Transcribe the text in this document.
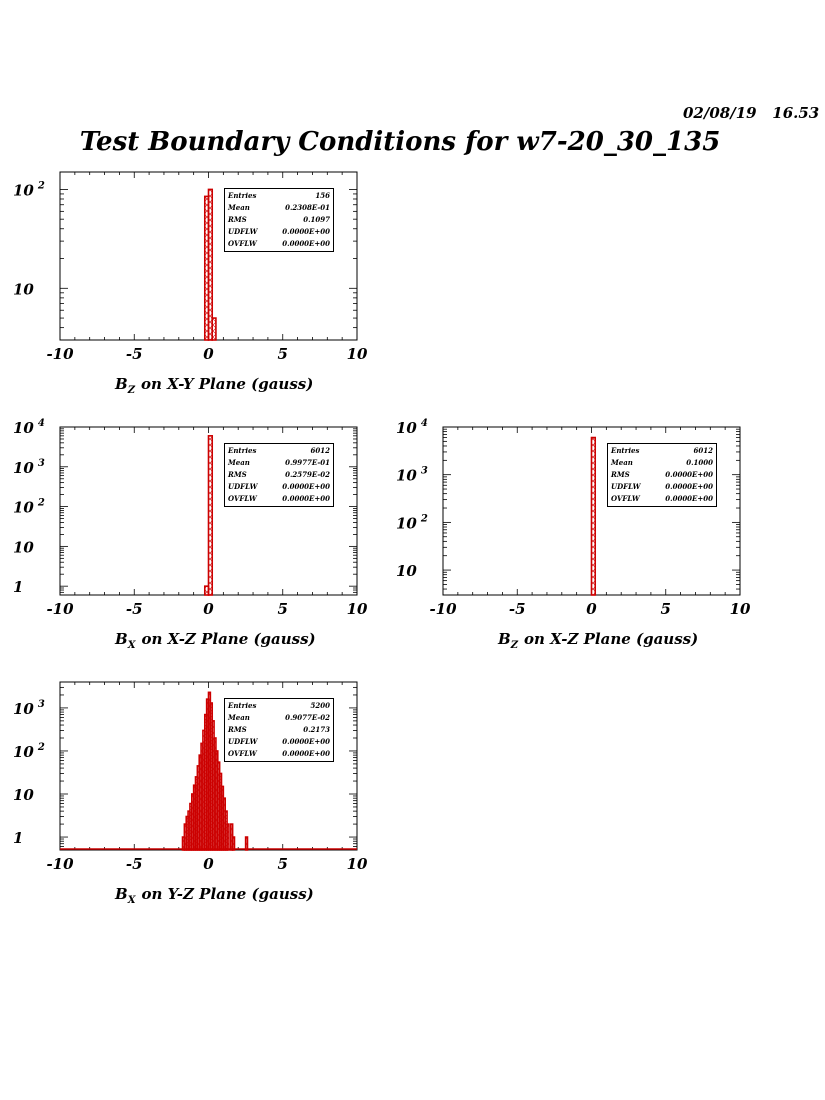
02/08/19 16.53
Test Boundary Conditions for w7-20_30_135
-10	-5	0	5	10
10 $^2$
10
Entries	156
Mean	0.2308E-01
RMS	0.1097
UDFLW	0.0000E+00
OVFLW	0.0000E+00
$B_Z$ on X-Y Plane (gauss)
-10	-5	0	5	10
10 $^4$
10 $^3$
10 $^2$
10
1
Entries	6012
Mean	0.9977E-01
RMS	0.2579E-02
UDFLW	0.0000E+00
OVFLW	0.0000E+00
$B_X$ on X-Z Plane (gauss)
-10	-5	0	5	10
10 $^4$
10 $^3$
10 $^2$
10
Entries	6012
Mean	0.1000
RMS	0.0000E+00
UDFLW	0.0000E+00
OVFLW	0.0000E+00
$B_Z$ on X-Z Plane (gauss)
-10	-5	0	5	10
10 $^3$
10 $^2$
10
1
Entries	5200
Mean	0.9077E-02
RMS	0.2173
UDFLW	0.0000E+00
OVFLW	0.0000E+00
$B_X$ on Y-Z Plane (gauss)
